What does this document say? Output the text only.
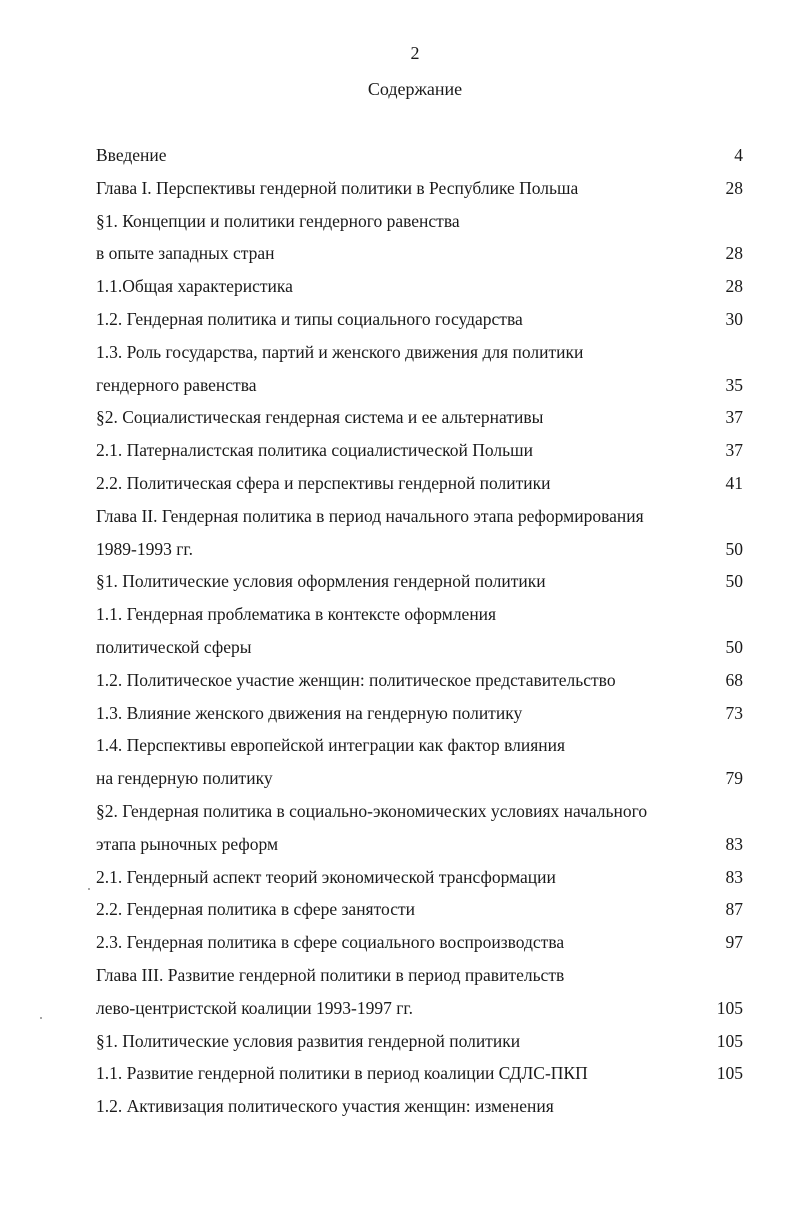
2
Содержание
Введение	4
Глава I. Перспективы гендерной политики в Республике Польша	28
§1. Концепции и политики гендерного равенства
в опыте западных стран	28
1.1.Общая характеристика	28
1.2. Гендерная политика и типы социального государства	30
1.3. Роль государства, партий и женского движения для политики
гендерного равенства	35
§2. Социалистическая гендерная система и ее альтернативы	37
2.1. Патерналистская политика социалистической Польши	37
2.2. Политическая сфера и перспективы гендерной политики	41
Глава II. Гендерная политика в период начального этапа реформирования
1989-1993 гг.	50
§1. Политические условия оформления гендерной политики	50
1.1. Гендерная проблематика в контексте оформления
политической сферы	50
1.2. Политическое участие женщин: политическое представительство	68
1.3. Влияние женского движения на гендерную политику	73
1.4. Перспективы европейской интеграции как фактор влияния
на гендерную политику	79
§2. Гендерная политика в социально-экономических условиях начального
этапа рыночных реформ	83
2.1. Гендерный аспект теорий экономической трансформации	83
2.2. Гендерная политика в сфере занятости	87
2.3. Гендерная политика в сфере социального воспроизводства	97
Глава III. Развитие гендерной политики в период правительств
лево-центристской коалиции 1993-1997 гг.	105
§1. Политические условия развития гендерной политики	105
1.1. Развитие гендерной политики в период коалиции СДЛС-ПКП	105
1.2. Активизация политического участия женщин: изменения
